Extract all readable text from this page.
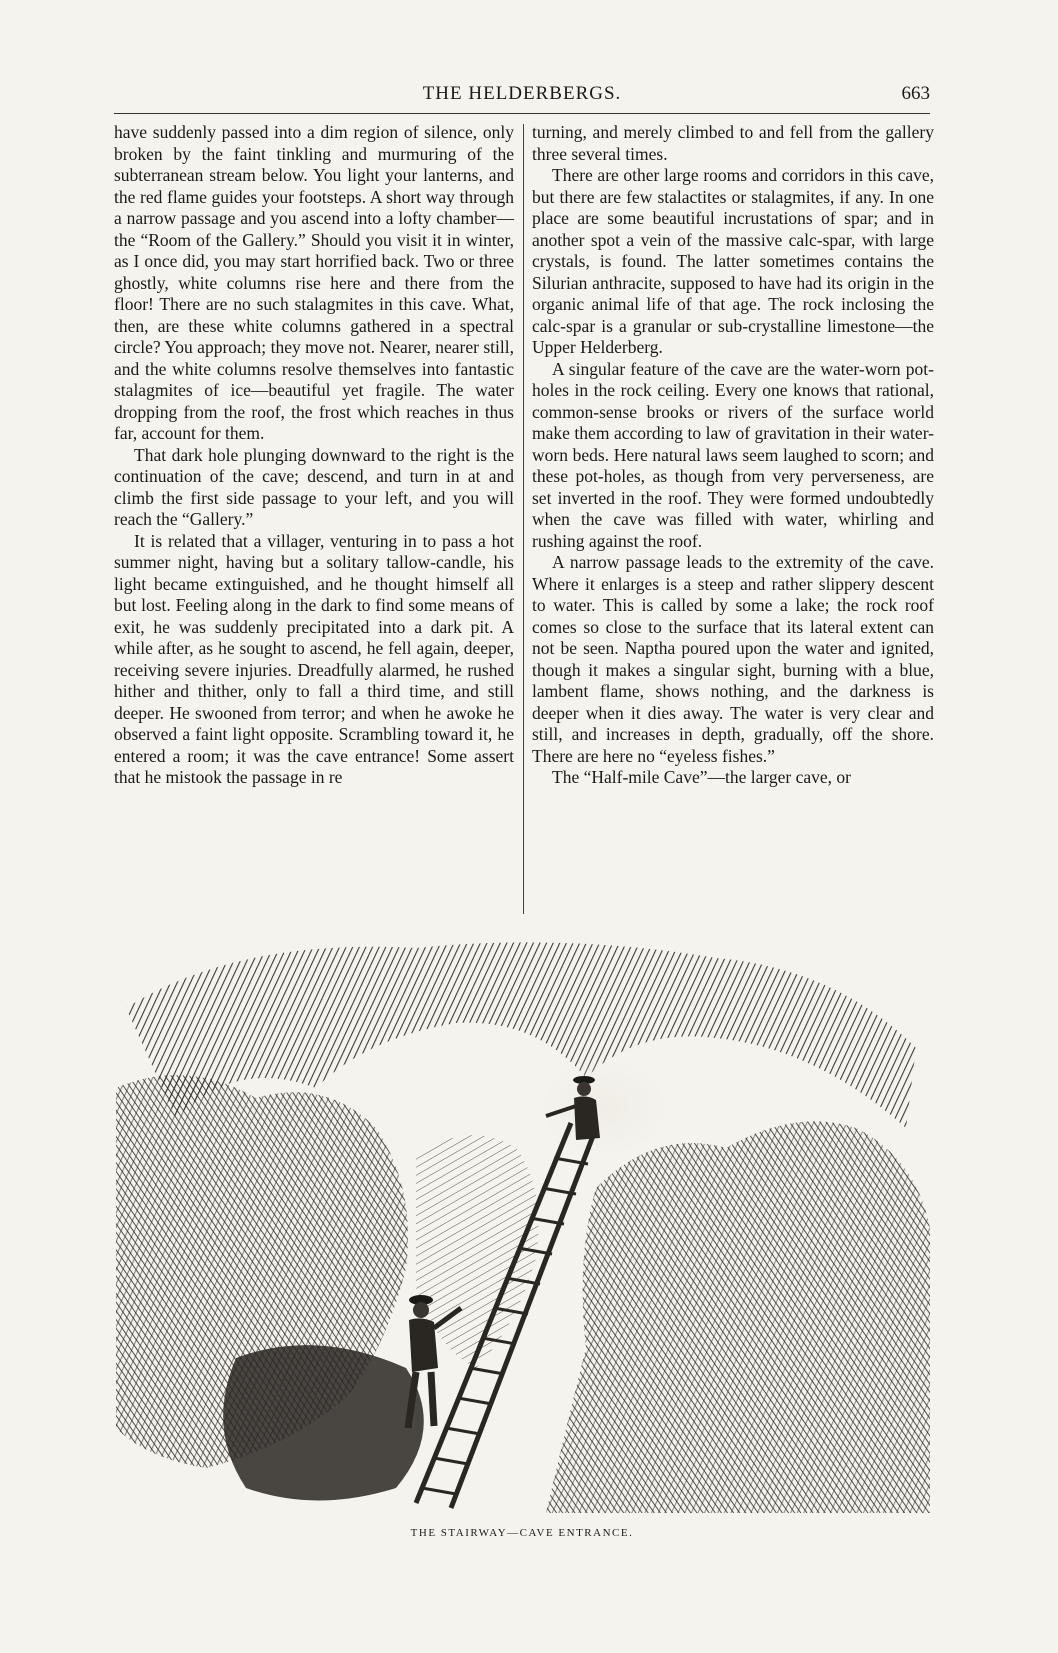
THE HELDERBERGS.	663

have suddenly passed into a dim region of silence, only broken by the faint tinkling and murmuring of the subterranean stream below. You light your lanterns, and the red flame guides your footsteps. A short way through a narrow passage and you ascend into a lofty chamber—the “Room of the Gallery.” Should you visit it in winter, as I once did, you may start horrified back. Two or three ghostly, white columns rise here and there from the floor! There are no such stalagmites in this cave. What, then, are these white columns gathered in a spectral circle? You approach; they move not. Nearer, nearer still, and the white columns resolve themselves into fantastic stalagmites of ice—beautiful yet fragile. The water dropping from the roof, the frost which reaches in thus far, account for them.

That dark hole plunging downward to the right is the continuation of the cave; descend, and turn in at and climb the first side passage to your left, and you will reach the “Gallery.”

It is related that a villager, venturing in to pass a hot summer night, having but a solitary tallow-candle, his light became extinguished, and he thought himself all but lost. Feeling along in the dark to find some means of exit, he was suddenly precipitated into a dark pit. A while after, as he sought to ascend, he fell again, deeper, receiving severe injuries. Dreadfully alarmed, he rushed hither and thither, only to fall a third time, and still deeper. He swooned from terror; and when he awoke he observed a faint light opposite. Scrambling toward it, he entered a room; it was the cave entrance! Some assert that he mistook the passage in re

turning, and merely climbed to and fell from the gallery three several times.

There are other large rooms and corridors in this cave, but there are few stalactites or stalagmites, if any. In one place are some beautiful incrustations of spar; and in another spot a vein of the massive calc-spar, with large crystals, is found. The latter sometimes contains the Silurian anthracite, supposed to have had its origin in the organic animal life of that age. The rock inclosing the calc-spar is a granular or sub-crystalline limestone—the Upper Helderberg.

A singular feature of the cave are the water-worn pot-holes in the rock ceiling. Every one knows that rational, common-sense brooks or rivers of the surface world make them according to law of gravitation in their water-worn beds. Here natural laws seem laughed to scorn; and these pot-holes, as though from very perverseness, are set inverted in the roof. They were formed undoubtedly when the cave was filled with water, whirling and rushing against the roof.

A narrow passage leads to the extremity of the cave. Where it enlarges is a steep and rather slippery descent to water. This is called by some a lake; the rock roof comes so close to the surface that its lateral extent can not be seen. Naptha poured upon the water and ignited, though it makes a singular sight, burning with a blue, lambent flame, shows nothing, and the darkness is deeper when it dies away. The water is very clear and still, and increases in depth, gradually, off the shore. There are here no “eyeless fishes.”

The “Half-mile Cave”—the larger cave, or

THE STAIRWAY—CAVE ENTRANCE.
